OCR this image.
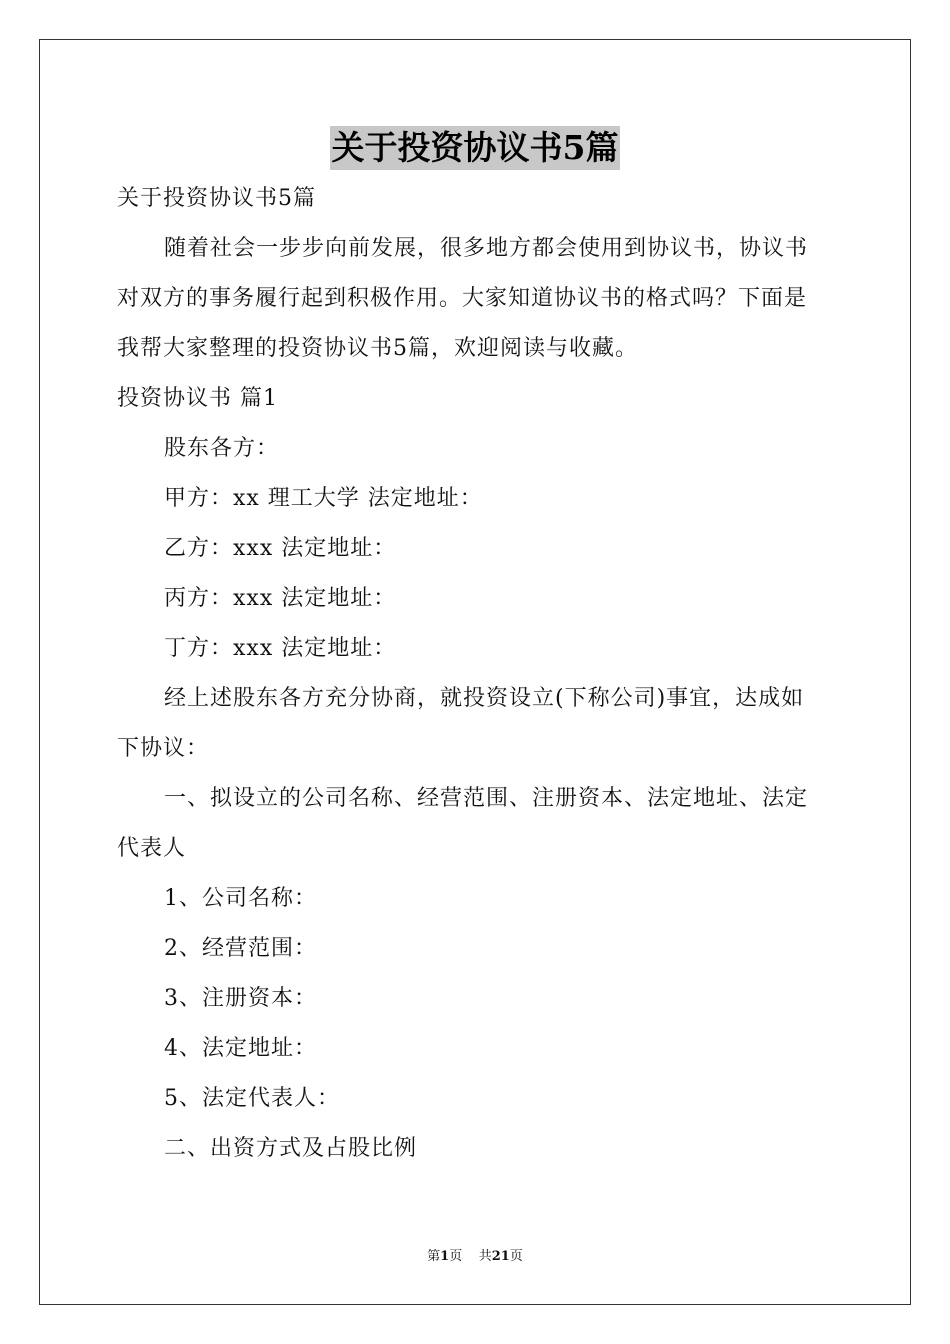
关于投资协议书5篇
关于投资协议书5篇
随着社会一步步向前发展，很多地方都会使用到协议书，协议书
对双方的事务履行起到积极作用。大家知道协议书的格式吗？下面是
我帮大家整理的投资协议书5篇，欢迎阅读与收藏。
投资协议书 篇1
股东各方：
甲方：xx 理工大学 法定地址：
乙方：xxx 法定地址：
丙方：xxx 法定地址：
丁方：xxx 法定地址：
经上述股东各方充分协商，就投资设立(下称公司)事宜，达成如
下协议：
一、拟设立的公司名称、经营范围、注册资本、法定地址、法定
代表人
1、公司名称：
2、经营范围：
3、注册资本：
4、法定地址：
5、法定代表人：
二、出资方式及占股比例
第1页 共21页
